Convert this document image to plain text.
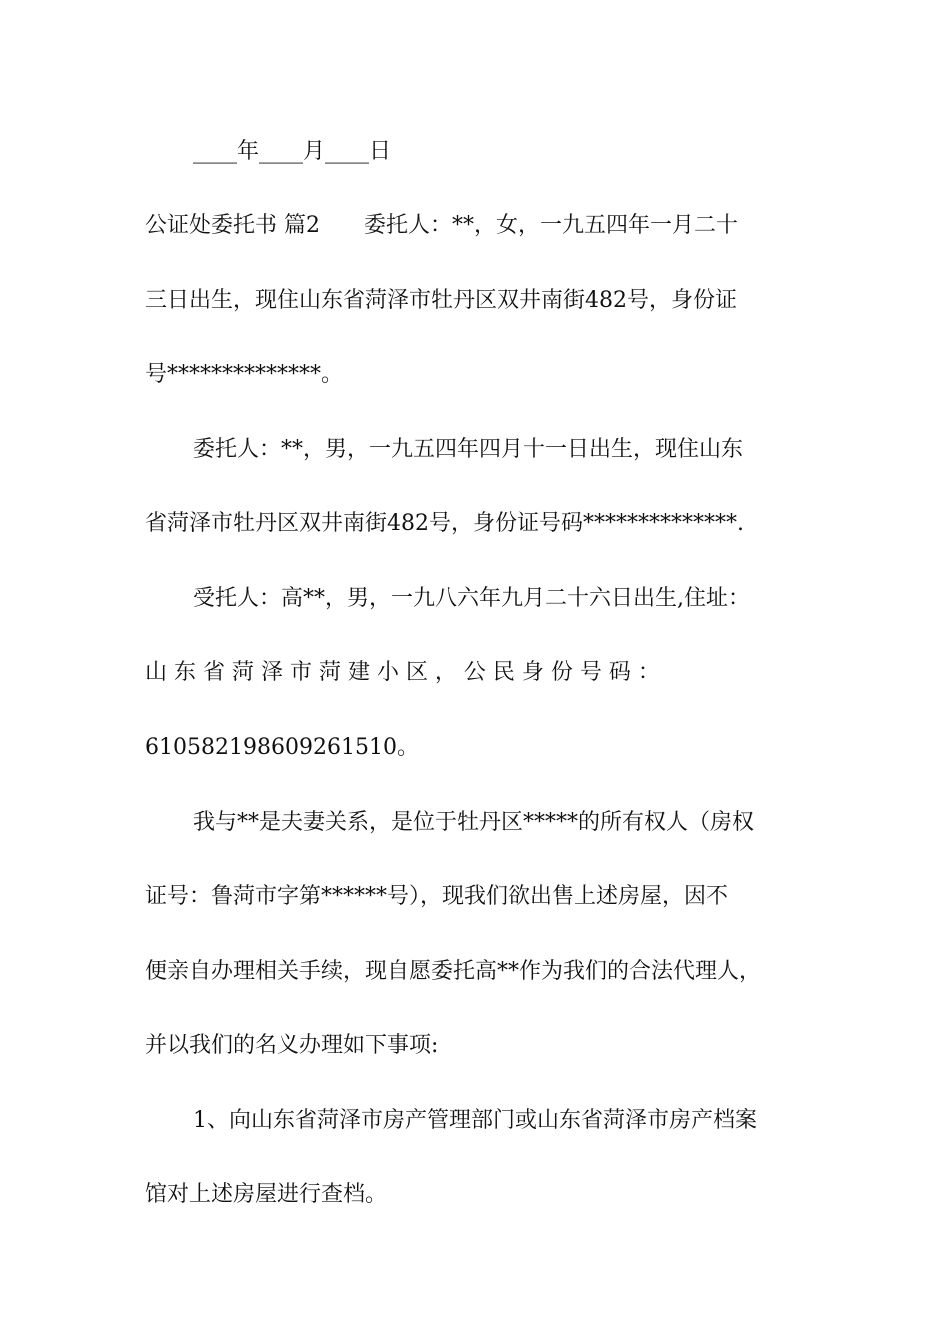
____年____月____日
公证处委托书 篇2　　委托人：**，女，一九五四年一月二十
三日出生，现住山东省菏泽市牡丹区双井南街482号，身份证
号**************。
委托人：**，男，一九五四年四月十一日出生，现住山东
省菏泽市牡丹区双井南街482号，身份证号码**************.
受托人：高**，男，一九八六年九月二十六日出生,住址：
山 东 省 菏 泽 市 菏 建 小 区 ， 公 民 身 份 号 码 ：
610582198609261510。
我与**是夫妻关系，是位于牡丹区*****的所有权人（房权
证号：鲁菏市字第******号），现我们欲出售上述房屋，因不
便亲自办理相关手续，现自愿委托高**作为我们的合法代理人，
并以我们的名义办理如下事项:
1、向山东省菏泽市房产管理部门或山东省菏泽市房产档案
馆对上述房屋进行查档。
